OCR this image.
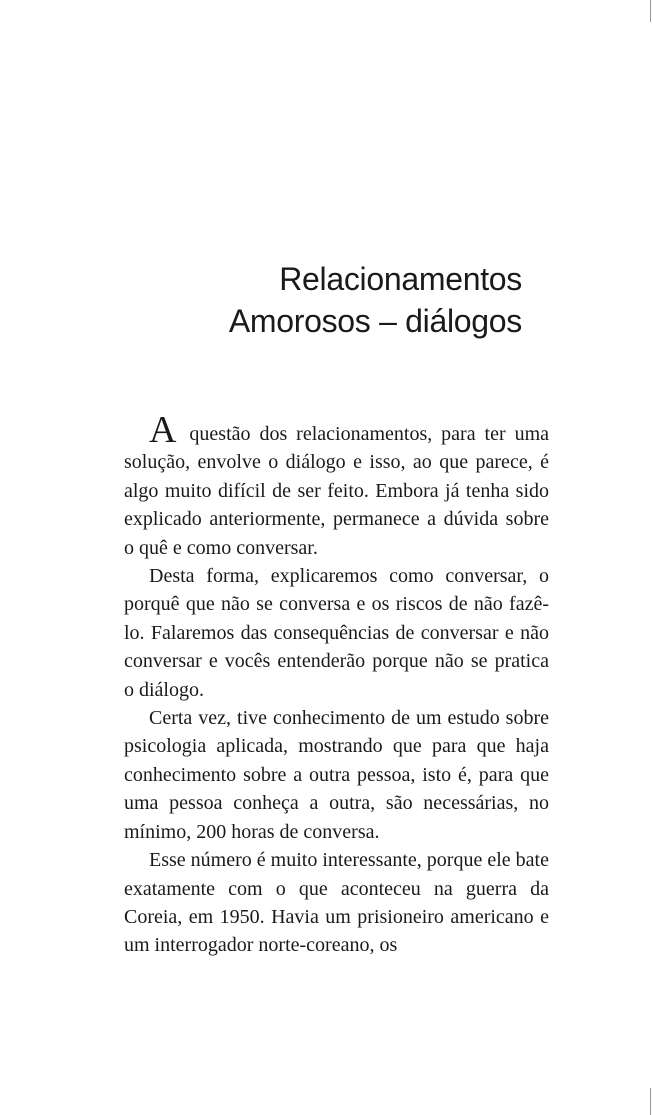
Relacionamentos
Amorosos – diálogos

A questão dos relacionamentos, para ter uma solução, envolve o diálogo e isso, ao que parece, é algo muito difícil de ser feito. Embora já tenha sido explicado anteriormente, permanece a dúvida sobre o quê e como conversar.

Desta forma, explicaremos como conversar, o porquê que não se conversa e os riscos de não fazê-lo. Falaremos das consequências de conversar e não conversar e vocês entenderão porque não se pratica o diálogo.

Certa vez, tive conhecimento de um estudo sobre psicologia aplicada, mostrando que para que haja conhecimento sobre a outra pessoa, isto é, para que uma pessoa conheça a outra, são necessárias, no mínimo, 200 horas de conversa.

Esse número é muito interessante, porque ele bate exatamente com o que aconteceu na guerra da Coreia, em 1950. Havia um prisioneiro americano e um interrogador norte-coreano, os
